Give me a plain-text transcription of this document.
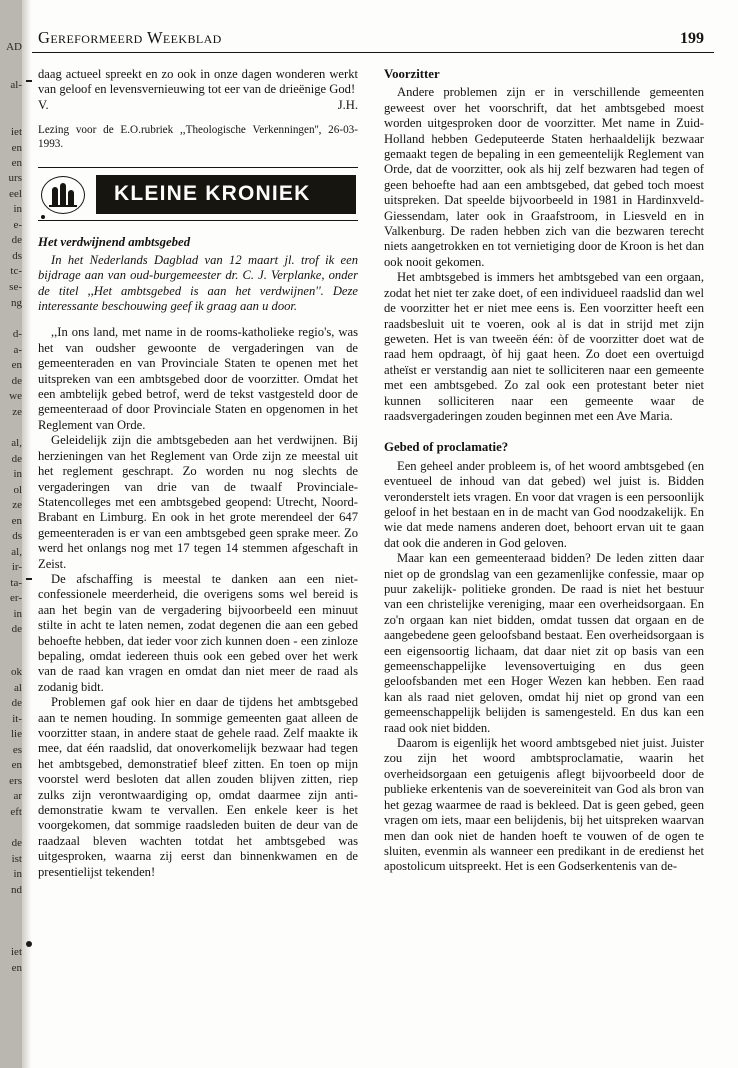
AD
al-
iet
en
en
urs
eel
in
e-
de
ds
tc-
se-
ng
d-
a-
en
de
we
ze
al,
de
in
ol
ze
en
ds
al,
ir-
ta-
er-
in
de
ok
al
de
it-
lie
es
en
ers
ar
eft
de
ist
in
nd
iet
en
Gereformeerd Weekblad	199

daag actueel spreekt en zo ook in onze dagen wonderen werkt van geloof en levensvernieuwing tot eer van de drieënige God!

V.	J.H.

Lezing voor de E.O.rubriek ,,Theologische Verkenningen'', 26-03-1993.

KLEINE KRONIEK
Het verdwijnend ambtsgebed

In het Nederlands Dagblad van 12 maart jl. trof ik een bijdrage aan van oud-burgemeester dr. C. J. Verplanke, onder de titel ,,Het ambtsgebed is aan het verdwijnen''. Deze interessante beschouwing geef ik graag aan u door.

,,In ons land, met name in de rooms-katholieke regio's, was het van oudsher gewoonte de vergaderingen van de gemeenteraden en van Provinciale Staten te openen met het uitspreken van een ambtsgebed door de voorzitter. Omdat het een ambtelijk gebed betrof, werd de tekst vastgesteld door de gemeenteraad of door Provinciale Staten en opgenomen in het Reglement van Orde.

Geleidelijk zijn die ambtsgebeden aan het verdwijnen. Bij herzieningen van het Reglement van Orde zijn ze meestal uit het reglement geschrapt. Zo worden nu nog slechts de vergaderingen van drie van de twaalf Provinciale-Statencolleges met een ambtsgebed geopend: Utrecht, Noord-Brabant en Limburg. En ook in het grote merendeel der 647 gemeenteraden is er van een ambtsgebed geen sprake meer. Zo werd het onlangs nog met 17 tegen 14 stemmen afgeschaft in Zeist.

De afschaffing is meestal te danken aan een niet-confessionele meerderheid, die overigens soms wel bereid is aan het begin van de vergadering bijvoorbeeld een minuut stilte in acht te laten nemen, zodat degenen die aan een gebed behoefte hebben, dat ieder voor zich kunnen doen - een zinloze bepaling, omdat iedereen thuis ook een gebed over het werk van de raad kan vragen en omdat dan niet meer de raad als zodanig bidt.

Problemen gaf ook hier en daar de tijdens het ambtsgebed aan te nemen houding. In sommige gemeenten gaat alleen de voorzitter staan, in andere staat de gehele raad. Zelf maakte ik mee, dat één raadslid, dat onoverkomelijk bezwaar had tegen het ambtsgebed, demonstratief bleef zitten. En toen op mijn voorstel werd besloten dat allen zouden blijven zitten, riep zulks zijn verontwaardiging op, omdat daarmee zijn anti- demonstratie kwam te vervallen. Een enkele keer is het voorgekomen, dat sommige raadsleden buiten de deur van de raadzaal bleven wachten totdat het ambtsgebed was uitgesproken, waarna zij eerst dan binnenkwamen en de presentielijst tekenden!

Voorzitter

Andere problemen zijn er in verschillende gemeenten geweest over het voorschrift, dat het ambtsgebed moest worden uitgesproken door de voorzitter. Met name in Zuid-Holland hebben Gedeputeerde Staten herhaaldelijk bezwaar gemaakt tegen de bepaling in een gemeentelijk Reglement van Orde, dat de voorzitter, ook als hij zelf bezwaren had tegen of geen behoefte had aan een ambtsgebed, dat gebed toch moest uitspreken. Dat speelde bijvoorbeeld in 1981 in Hardinxveld-Giessendam, later ook in Graafstroom, in Liesveld en in Valkenburg. De raden hebben zich van die bezwaren terecht niets aangetrokken en tot vernietiging door de Kroon is het dan ook nooit gekomen.

Het ambtsgebed is immers het ambtsgebed van een orgaan, zodat het niet ter zake doet, of een individueel raadslid dan wel de voorzitter het er niet mee eens is. Een voorzitter heeft een raadsbesluit uit te voeren, ook al is dat in strijd met zijn geweten. Het is van tweeën één: òf de voorzitter doet wat de raad hem opdraagt, òf hij gaat heen. Zo doet een overtuigd atheïst er verstandig aan niet te solliciteren naar een gemeente met een ambtsgebed. Zo zal ook een protestant beter niet kunnen solliciteren naar een gemeente waar de raadsvergaderingen zouden beginnen met een Ave Maria.

Gebed of proclamatie?

Een geheel ander probleem is, of het woord ambtsgebed (en eventueel de inhoud van dat gebed) wel juist is. Bidden veronderstelt iets vragen. En voor dat vragen is een persoonlijk geloof in het bestaan en in de macht van God noodzakelijk. En wie dat mede namens anderen doet, behoort ervan uit te gaan dat ook die anderen in God geloven.

Maar kan een gemeenteraad bidden? De leden zitten daar niet op de grondslag van een gezamenlijke confessie, maar op puur zakelijk- politieke gronden. De raad is niet het bestuur van een christelijke vereniging, maar een overheidsorgaan. En zo'n orgaan kan niet bidden, omdat tussen dat orgaan en de aangebedene geen geloofsband bestaat. Een overheidsorgaan is een eigensoortig lichaam, dat daar niet zit op basis van een gemeenschappelijke levensovertuiging en dus geen geloofsbanden met een Hoger Wezen kan hebben. Een raad kan als raad niet geloven, omdat hij niet op grond van een gemeenschappelijk belijden is samengesteld. En dus kan een raad ook niet bidden.

Daarom is eigenlijk het woord ambtsgebed niet juist. Juister zou zijn het woord ambtsproclamatie, waarin het overheidsorgaan een getuigenis aflegt bijvoorbeeld door de publieke erkentenis van de soevereiniteit van God als bron van het gezag waarmee de raad is bekleed. Dat is geen gebed, geen vragen om iets, maar een belijdenis, bij het uitspreken waarvan men dan ook niet de handen hoeft te vouwen of de ogen te sluiten, evenmin als wanneer een predikant in de eredienst het apostolicum uitspreekt. Het is een Godserkentenis van de-
